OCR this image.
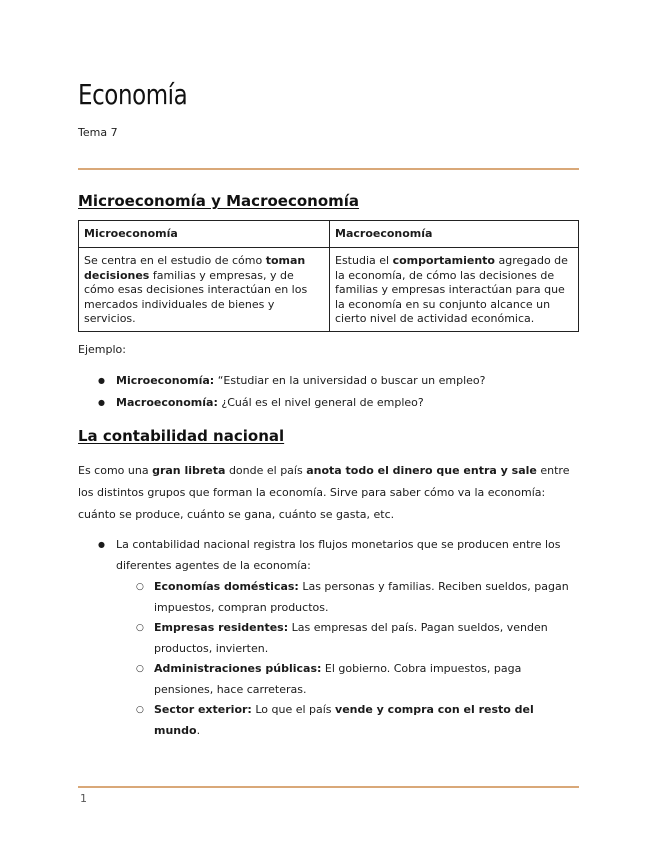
Economía
Tema 7
Microeconomía y Macroeconomía
Microeconomía	Macroeconomía
Se centra en el estudio de cómo toman decisiones familias y empresas, y de cómo esas decisiones interactúan en los mercados individuales de bienes y servicios.	Estudia el comportamiento agregado de la economía, de cómo las decisiones de familias y empresas interactúan para que la economía en su conjunto alcance un cierto nivel de actividad económica.
Ejemplo:
● Microeconomía: “Estudiar en la universidad o buscar un empleo?
● Macroeconomía: ¿Cuál es el nivel general de empleo?
La contabilidad nacional
Es como una gran libreta donde el país anota todo el dinero que entra y sale entre los distintos grupos que forman la economía. Sirve para saber cómo va la economía: cuánto se produce, cuánto se gana, cuánto se gasta, etc.
● La contabilidad nacional registra los flujos monetarios que se producen entre los diferentes agentes de la economía:
○ Economías domésticas: Las personas y familias. Reciben sueldos, pagan impuestos, compran productos.
○ Empresas residentes: Las empresas del país. Pagan sueldos, venden productos, invierten.
○ Administraciones públicas: El gobierno. Cobra impuestos, paga pensiones, hace carreteras.
○ Sector exterior: Lo que el país vende y compra con el resto del mundo.
1
